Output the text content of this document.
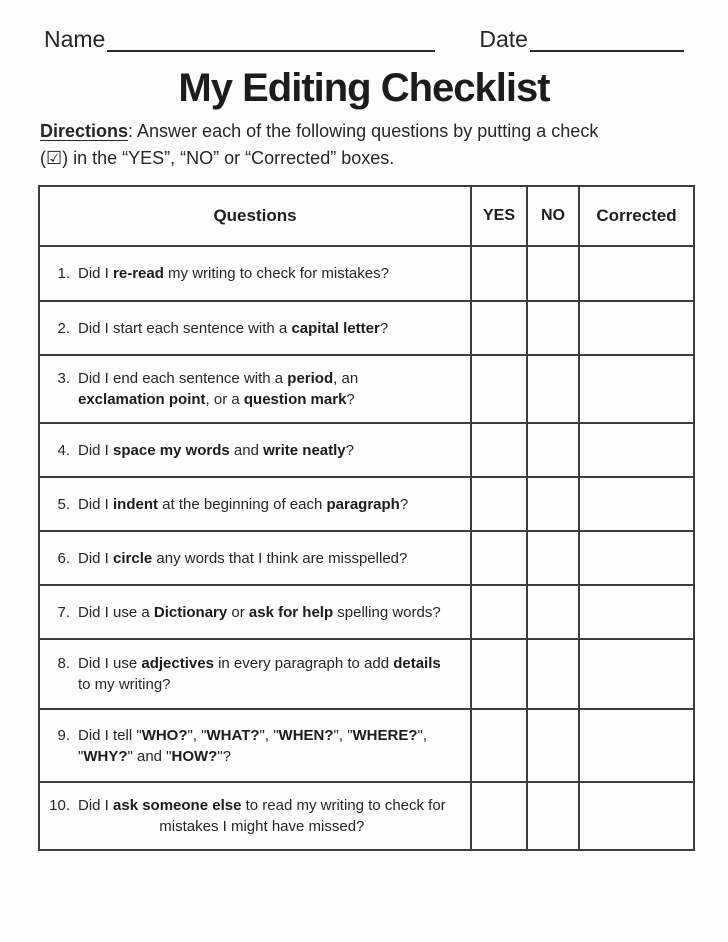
Name	Date
My Editing Checklist

Directions: Answer each of the following questions by putting a check
(☑) in the “YES”, “NO” or “Corrected” boxes.

Questions	YES	NO	Corrected
1. Did I re-read my writing to check for mistakes?			

2. Did I start each sentence with a capital letter?			

3. Did I end each sentence with a period, an
exclamation point, or a question mark?			

4. Did I space my words and write neatly?			

5. Did I indent at the beginning of each paragraph?			

6. Did I circle any words that I think are misspelled?			

7. Did I use a Dictionary or ask for help spelling words?			

8. Did I use adjectives in every paragraph to add details
to my writing?			

9. Did I tell "WHO?", "WHAT?", "WHEN?", "WHERE?",
"WHY?" and "HOW?"?			

10. Did I ask someone else to read my writing to check for
mistakes I might have missed?			
